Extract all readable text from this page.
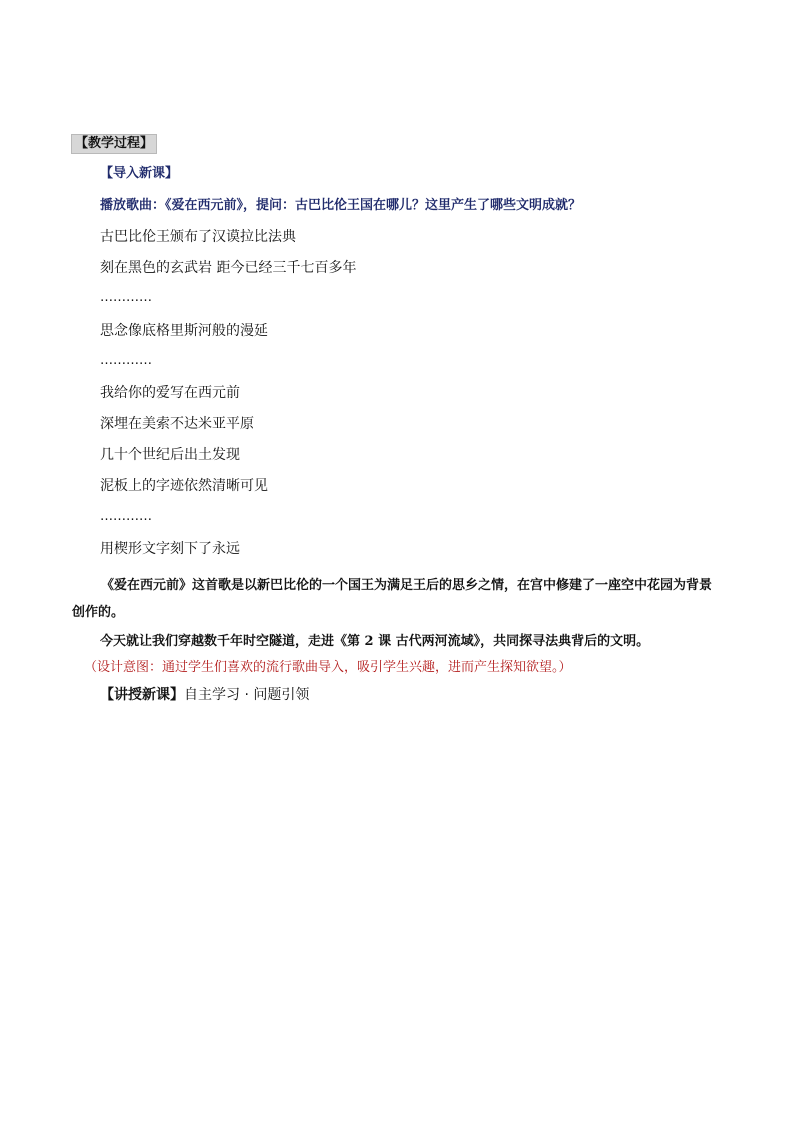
【教学过程】
【导入新课】
播放歌曲：《爱在西元前》，提问：古巴比伦王国在哪儿？这里产生了哪些文明成就？
古巴比伦王颁布了汉谟拉比法典
刻在黑色的玄武岩 距今已经三千七百多年
…………
思念像底格里斯河般的漫延
…………
我给你的爱写在西元前
深埋在美索不达米亚平原
几十个世纪后出土发现
泥板上的字迹依然清晰可见
…………
用楔形文字刻下了永远
《爱在西元前》这首歌是以新巴比伦的一个国王为满足王后的思乡之情，在宫中修建了一座空中花园为背景创作的。
今天就让我们穿越数千年时空隧道，走进《第 2 课 古代两河流域》，共同探寻法典背后的文明。
（设计意图：通过学生们喜欢的流行歌曲导入，吸引学生兴趣，进而产生探知欲望。）
【讲授新课】自主学习 · 问题引领
